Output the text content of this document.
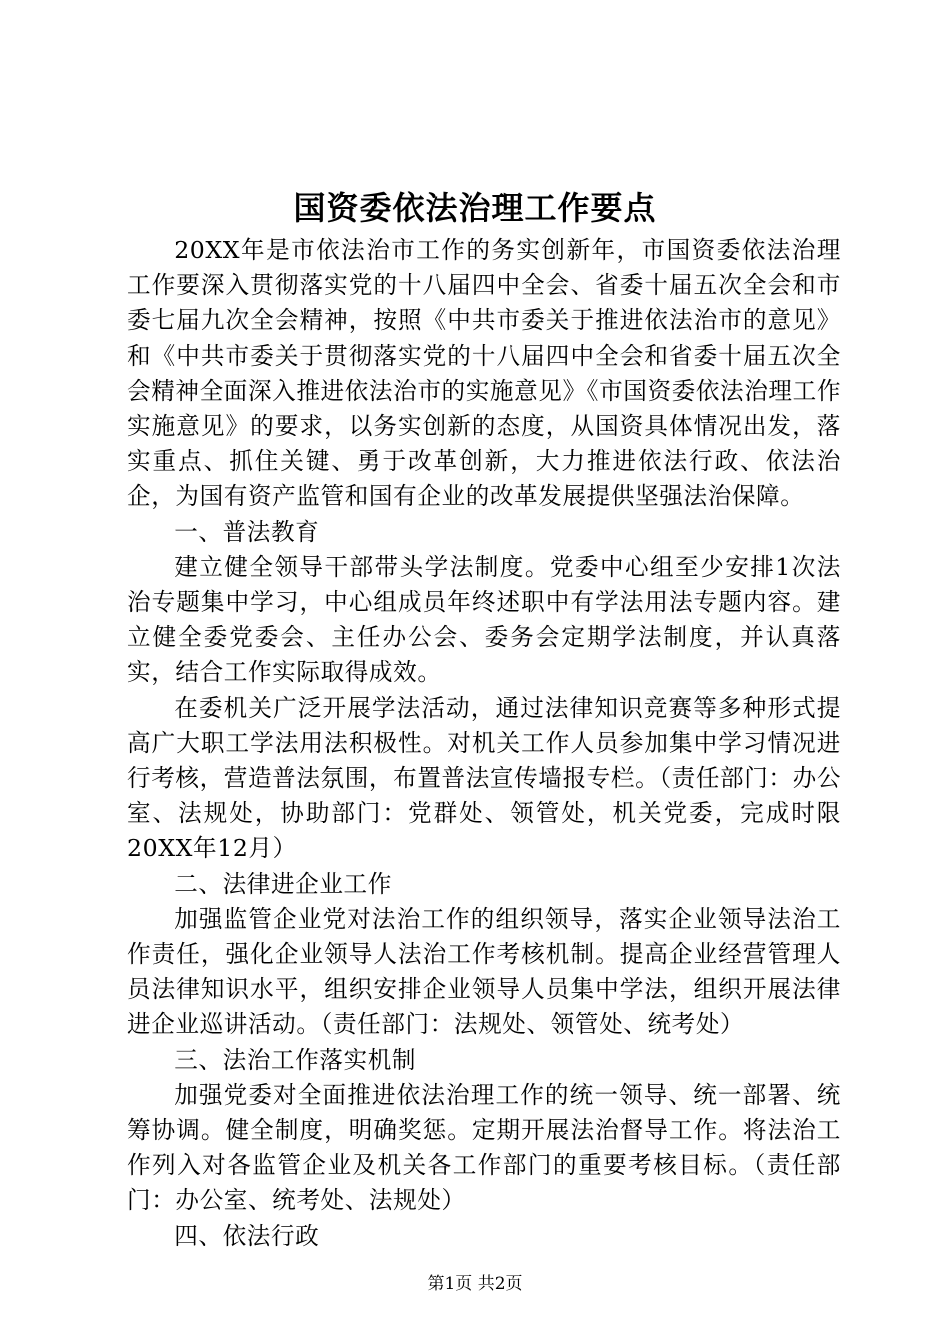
国资委依法治理工作要点

20XX年是市依法治市工作的务实创新年，市国资委依法治理工作要深入贯彻落实党的十八届四中全会、省委十届五次全会和市委七届九次全会精神，按照《中共市委关于推进依法治市的意见》和《中共市委关于贯彻落实党的十八届四中全会和省委十届五次全会精神全面深入推进依法治市的实施意见》《市国资委依法治理工作实施意见》的要求，以务实创新的态度，从国资具体情况出发，落实重点、抓住关键、勇于改革创新，大力推进依法行政、依法治企，为国有资产监管和国有企业的改革发展提供坚强法治保障。

一、普法教育

建立健全领导干部带头学法制度。党委中心组至少安排1次法治专题集中学习，中心组成员年终述职中有学法用法专题内容。建立健全委党委会、主任办公会、委务会定期学法制度，并认真落实，结合工作实际取得成效。

在委机关广泛开展学法活动，通过法律知识竞赛等多种形式提高广大职工学法用法积极性。对机关工作人员参加集中学习情况进行考核，营造普法氛围，布置普法宣传墙报专栏。（责任部门：办公室、法规处，协助部门：党群处、领管处，机关党委，完成时限20XX年12月）

二、法律进企业工作

加强监管企业党对法治工作的组织领导，落实企业领导法治工作责任，强化企业领导人法治工作考核机制。提高企业经营管理人员法律知识水平，组织安排企业领导人员集中学法，组织开展法律进企业巡讲活动。（责任部门：法规处、领管处、统考处）

三、法治工作落实机制

加强党委对全面推进依法治理工作的统一领导、统一部署、统筹协调。健全制度，明确奖惩。定期开展法治督导工作。将法治工作列入对各监管企业及机关各工作部门的重要考核目标。（责任部门：办公室、统考处、法规处）

四、依法行政

第1页 共2页
